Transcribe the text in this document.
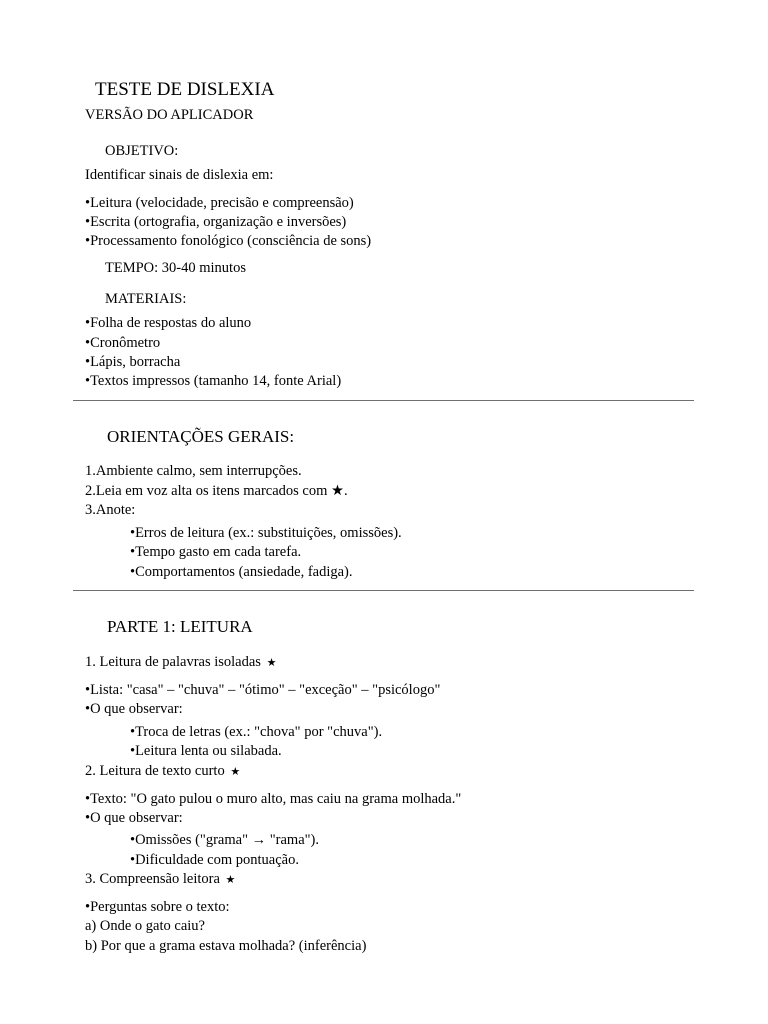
TESTE DE DISLEXIA
VERSÃO DO APLICADOR
OBJETIVO:
Identificar sinais de dislexia em:
•Leitura (velocidade, precisão e compreensão)
•Escrita (ortografia, organização e inversões)
•Processamento fonológico (consciência de sons)
TEMPO: 30-40 minutos
MATERIAIS:
•Folha de respostas do aluno
•Cronômetro
•Lápis, borracha
•Textos impressos (tamanho 14, fonte Arial)
ORIENTAÇÕES GERAIS:
1.Ambiente calmo, sem interrupções.
2.Leia em voz alta os itens marcados com ★.
3.Anote:
•Erros de leitura (ex.: substituições, omissões).
•Tempo gasto em cada tarefa.
•Comportamentos (ansiedade, fadiga).
PARTE 1: LEITURA
1. Leitura de palavras isoladas ★
•Lista: "casa" – "chuva" – "ótimo" – "exceção" – "psicólogo"
•O que observar:
•Troca de letras (ex.: "chova" por "chuva").
•Leitura lenta ou silabada.
2. Leitura de texto curto ★
•Texto: "O gato pulou o muro alto, mas caiu na grama molhada."
•O que observar:
•Omissões ("grama" → "rama").
•Dificuldade com pontuação.
3. Compreensão leitora ★
•Perguntas sobre o texto:
a) Onde o gato caiu?
b) Por que a grama estava molhada? (inferência)
